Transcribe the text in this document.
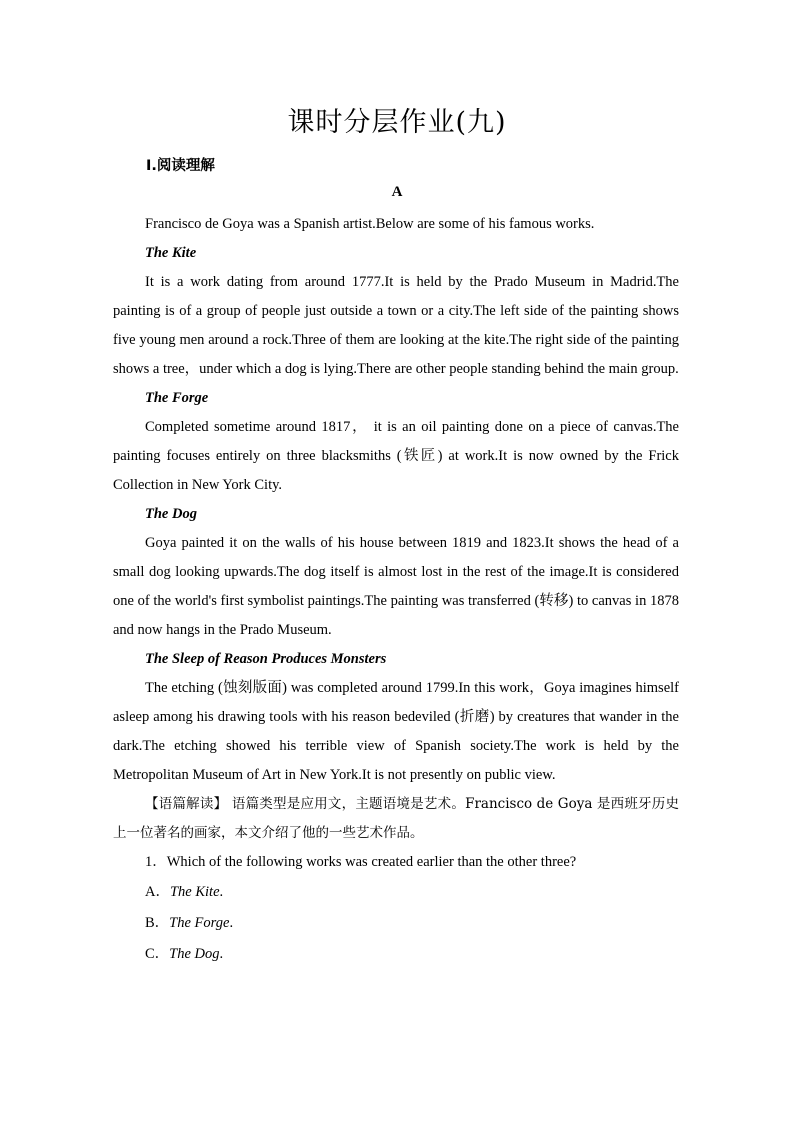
课时分层作业(九)
Ⅰ.阅读理解
A

Francisco de Goya was a Spanish artist.Below are some of his famous works.

The Kite

It is a work dating from around 1777.It is held by the Prado Museum in Madrid.The painting is of a group of people just outside a town or a city.The left side of the painting shows five young men around a rock.Three of them are looking at the kite.The right side of the painting shows a tree，under which a dog is lying.There are other people standing behind the main group.

The Forge

Completed sometime around 1817， it is an oil painting done on a piece of canvas.The painting focuses entirely on three blacksmiths (铁匠) at work.It is now owned by the Frick Collection in New York City.

The Dog

Goya painted it on the walls of his house between 1819 and 1823.It shows the head of a small dog looking upwards.The dog itself is almost lost in the rest of the image.It is considered one of the world's first symbolist paintings.The painting was transferred (转移) to canvas in 1878 and now hangs in the Prado Museum.

The Sleep of Reason Produces Monsters

The etching (蚀刻版面) was completed around 1799.In this work，Goya imagines himself asleep among his drawing tools with his reason bedeviled (折磨) by creatures that wander in the dark.The etching showed his terrible view of Spanish society.The work is held by the Metropolitan Museum of Art in New York.It is not presently on public view.

【语篇解读】 语篇类型是应用文，主题语境是艺术。Francisco de Goya 是西班牙历史上一位著名的画家，本文介绍了他的一些艺术作品。

1．Which of the following works was created earlier than the other three?

A．The Kite.

B．The Forge.

C．The Dog.
